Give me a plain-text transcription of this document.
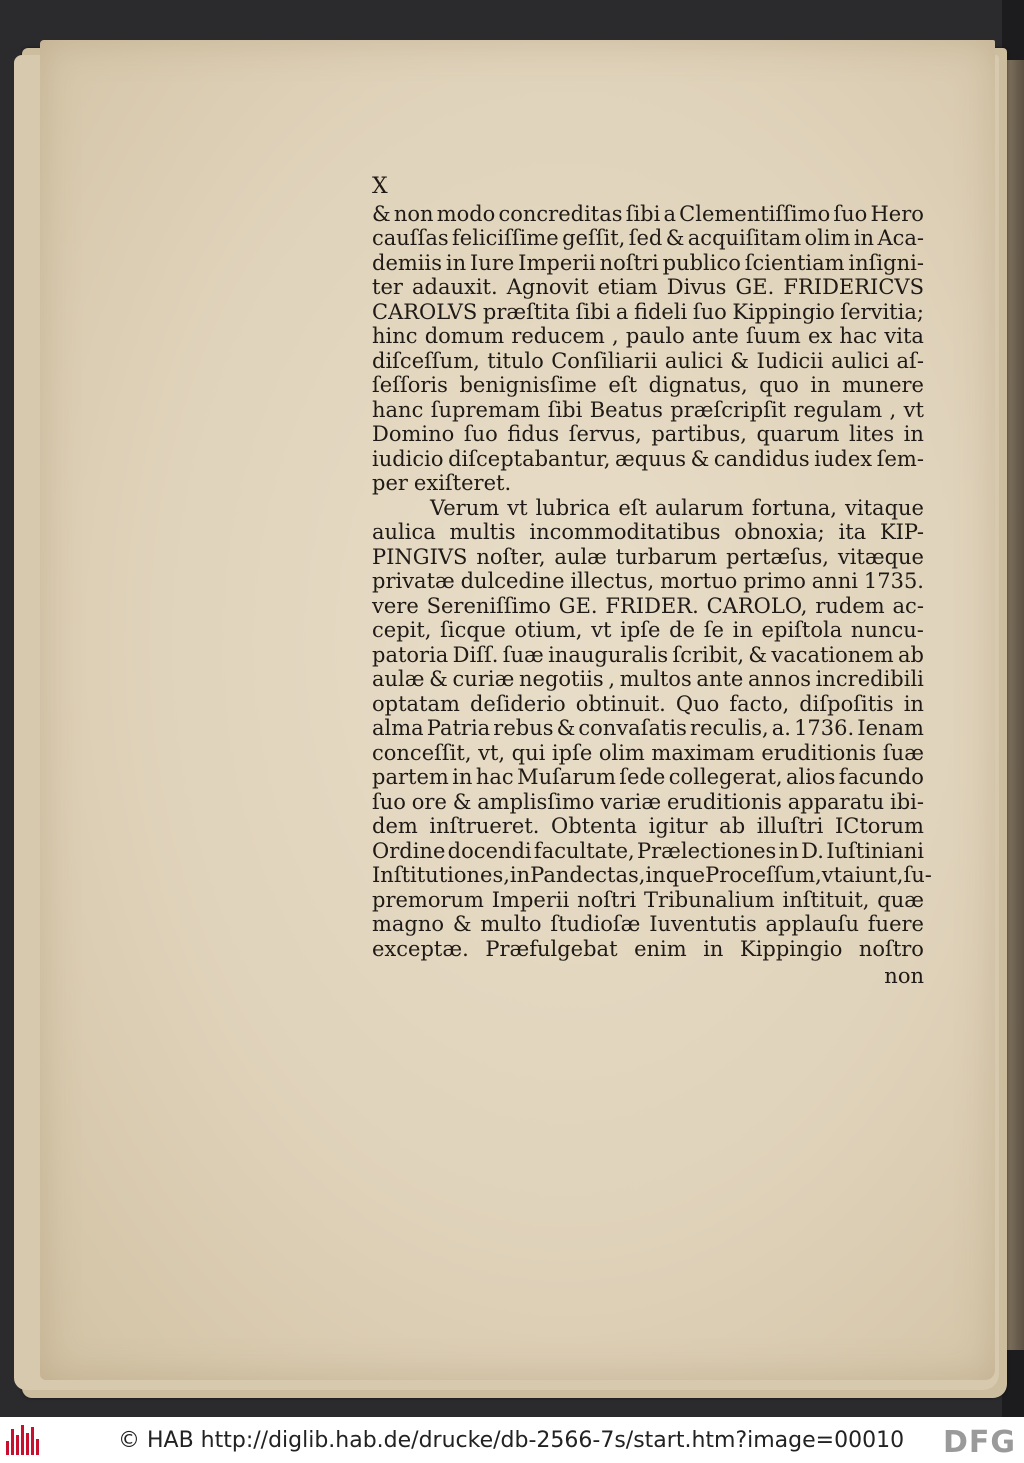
X
& non modo concreditas ſibi a Clementiſſimo ſuo Hero
cauſſas feliciſſime geſſit, ſed & acquiſitam olim in Aca-
demiis in Iure Imperii noſtri publico ſcientiam inſigni-
ter adauxit. Agnovit etiam Divus GE. FRIDERICVS
CAROLVS præſtita ſibi a fideli ſuo Kippingio ſervitia;
hinc domum reducem , paulo ante ſuum ex hac vita
diſceſſum, titulo Conſiliarii aulici & Iudicii aulici aſ-
ſeſſoris benignisſime eſt dignatus, quo in munere
hanc ſupremam ſibi Beatus præſcripſit regulam , vt
Domino ſuo fidus ſervus, partibus, quarum lites in
iudicio diſceptabantur, æquus & candidus iudex ſem-
per exiſteret.
Verum vt lubrica eſt aularum fortuna, vitaque
aulica multis incommoditatibus obnoxia; ita KIP-
PINGIVS noſter, aulæ turbarum pertæſus, vitæque
privatæ dulcedine illectus, mortuo primo anni 1735.
vere Sereniſſimo GE. FRIDER. CAROLO, rudem ac-
cepit, ſicque otium, vt ipſe de ſe in epiſtola nuncu-
patoria Diſſ. ſuæ inauguralis ſcribit, & vacationem ab
aulæ & curiæ negotiis , multos ante annos incredibili
optatam deſiderio obtinuit. Quo facto, diſpoſitis in
alma Patria rebus & convaſatis reculis, a. 1736. Ienam
conceſſit, vt, qui ipſe olim maximam eruditionis ſuæ
partem in hac Muſarum ſede collegerat, alios facundo
ſuo ore & amplisſimo variæ eruditionis apparatu ibi-
dem inſtrueret. Obtenta igitur ab illuſtri ICtorum
Ordine docendi facultate, Prælectiones in D. Iuſtiniani
Inſtitutiones, in Pandectas, inque Proceſſum, vt aiunt, ſu-
premorum Imperii noſtri Tribunalium inſtituit, quæ
magno & multo ſtudioſæ Iuventutis applauſu fuere
exceptæ. Præfulgebat enim in Kippingio noſtro
non
© HAB http://diglib.hab.de/drucke/db-2566-7s/start.htm?image=00010 DFG
